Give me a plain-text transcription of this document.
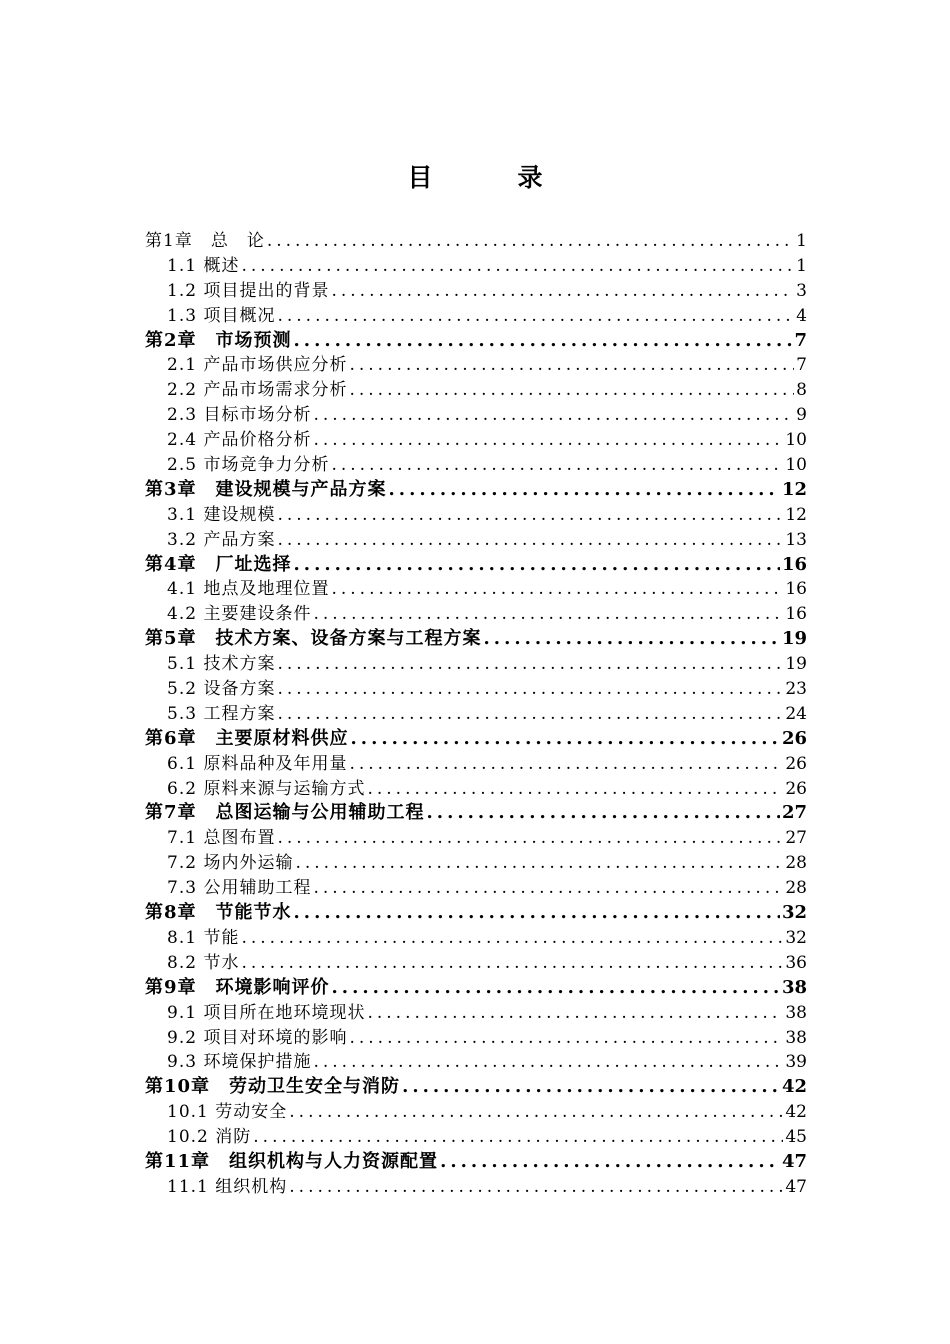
目　录
第1章　总　论 .....	1
1.1 概述 .....	1
1.2 项目提出的背景 .....	3
1.3 项目概况 .....	4
第2章　市场预测 .....	7
2.1 产品市场供应分析 .....	7
2.2 产品市场需求分析 .....	8
2.3 目标市场分析 .....	9
2.4 产品价格分析 .....	10
2.5 市场竞争力分析 .....	10
第3章　建设规模与产品方案 .....	12
3.1 建设规模 .....	12
3.2 产品方案 .....	13
第4章　厂址选择 .....	16
4.1 地点及地理位置 .....	16
4.2 主要建设条件 .....	16
第5章　技术方案、设备方案与工程方案 .....	19
5.1 技术方案 .....	19
5.2 设备方案 .....	23
5.3 工程方案 .....	24
第6章　主要原材料供应 .....	26
6.1 原料品种及年用量 .....	26
6.2 原料来源与运输方式 .....	26
第7章　总图运输与公用辅助工程 .....	27
7.1 总图布置 .....	27
7.2 场内外运输 .....	28
7.3 公用辅助工程 .....	28
第8章　节能节水 .....	32
8.1 节能 .....	32
8.2 节水 .....	36
第9章　环境影响评价 .....	38
9.1 项目所在地环境现状 .....	38
9.2 项目对环境的影响 .....	38
9.3 环境保护措施 .....	39
第10章　劳动卫生安全与消防 .....	42
10.1 劳动安全 .....	42
10.2 消防 .....	45
第11章　组织机构与人力资源配置 .....	47
11.1 组织机构 .....	47
